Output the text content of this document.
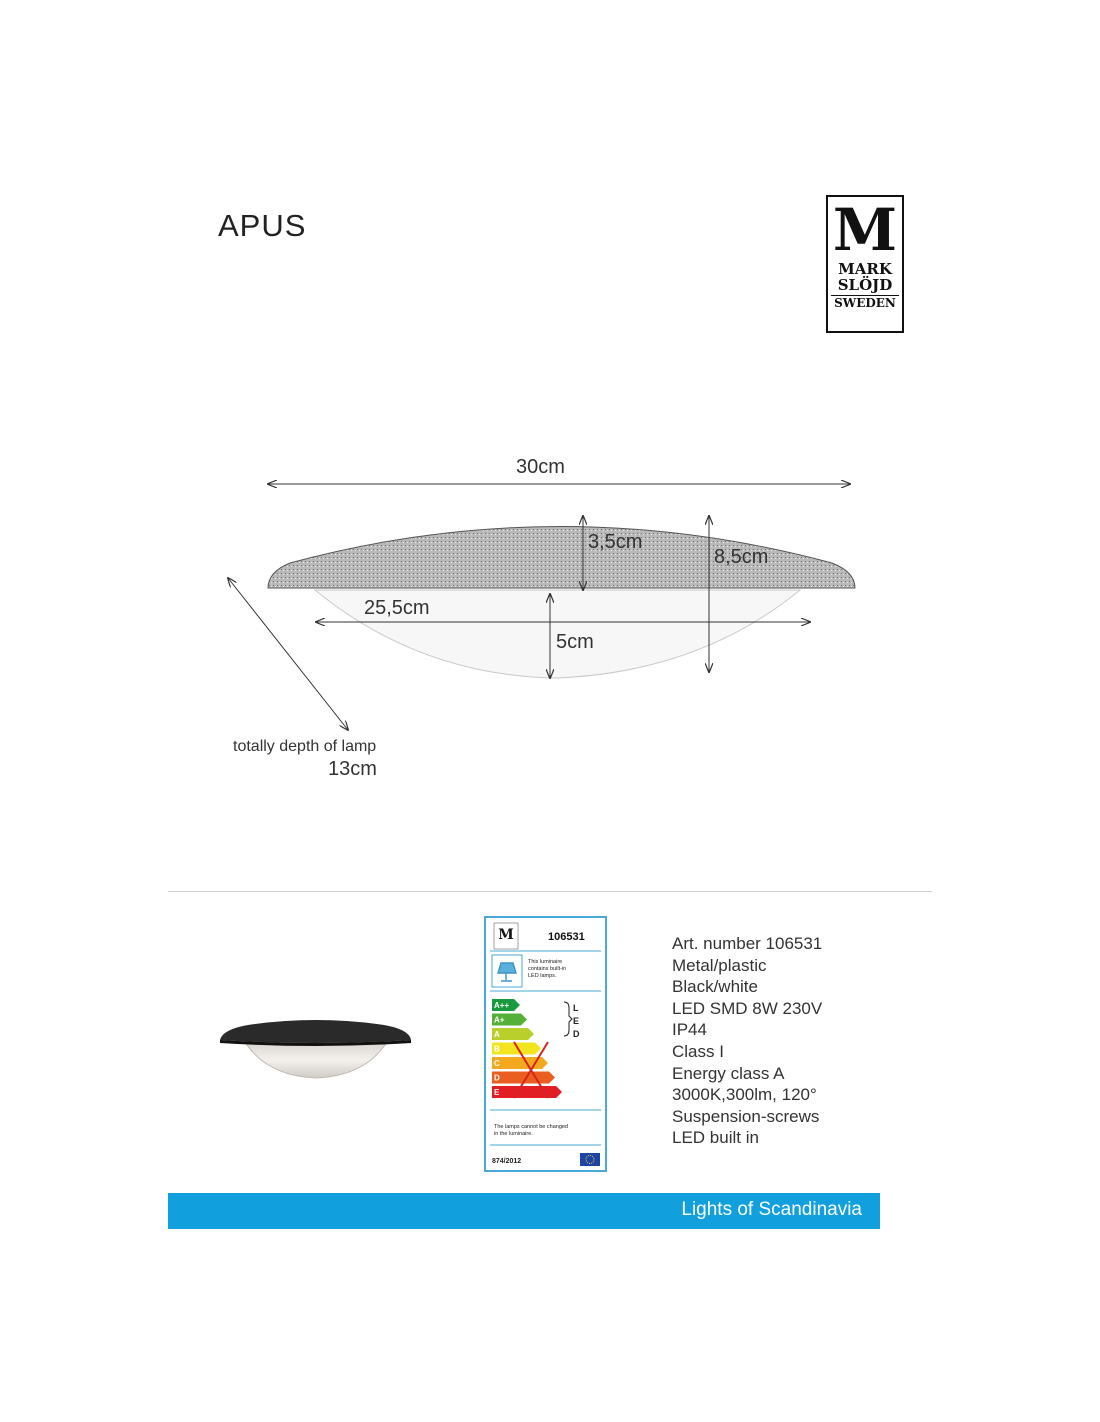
APUS	M
MARK
SLÖJD
SWEDEN
30cm
3,5cm
8,5cm
25,5cm
5cm
totally depth of lamp
13cm
M	106531
This luminaire
contains built-in
LED lamps.
A++
A+
A
B
C
D
E
L
E
D
The lamps cannot be changed
in the luminaire.
874/2012
Art. number 106531
Metal/plastic
Black/white
LED SMD 8W 230V
IP44
Class I
Energy class A
3000K,300lm, 120°
Suspension-screws
LED built in
Lights of Scandinavia
